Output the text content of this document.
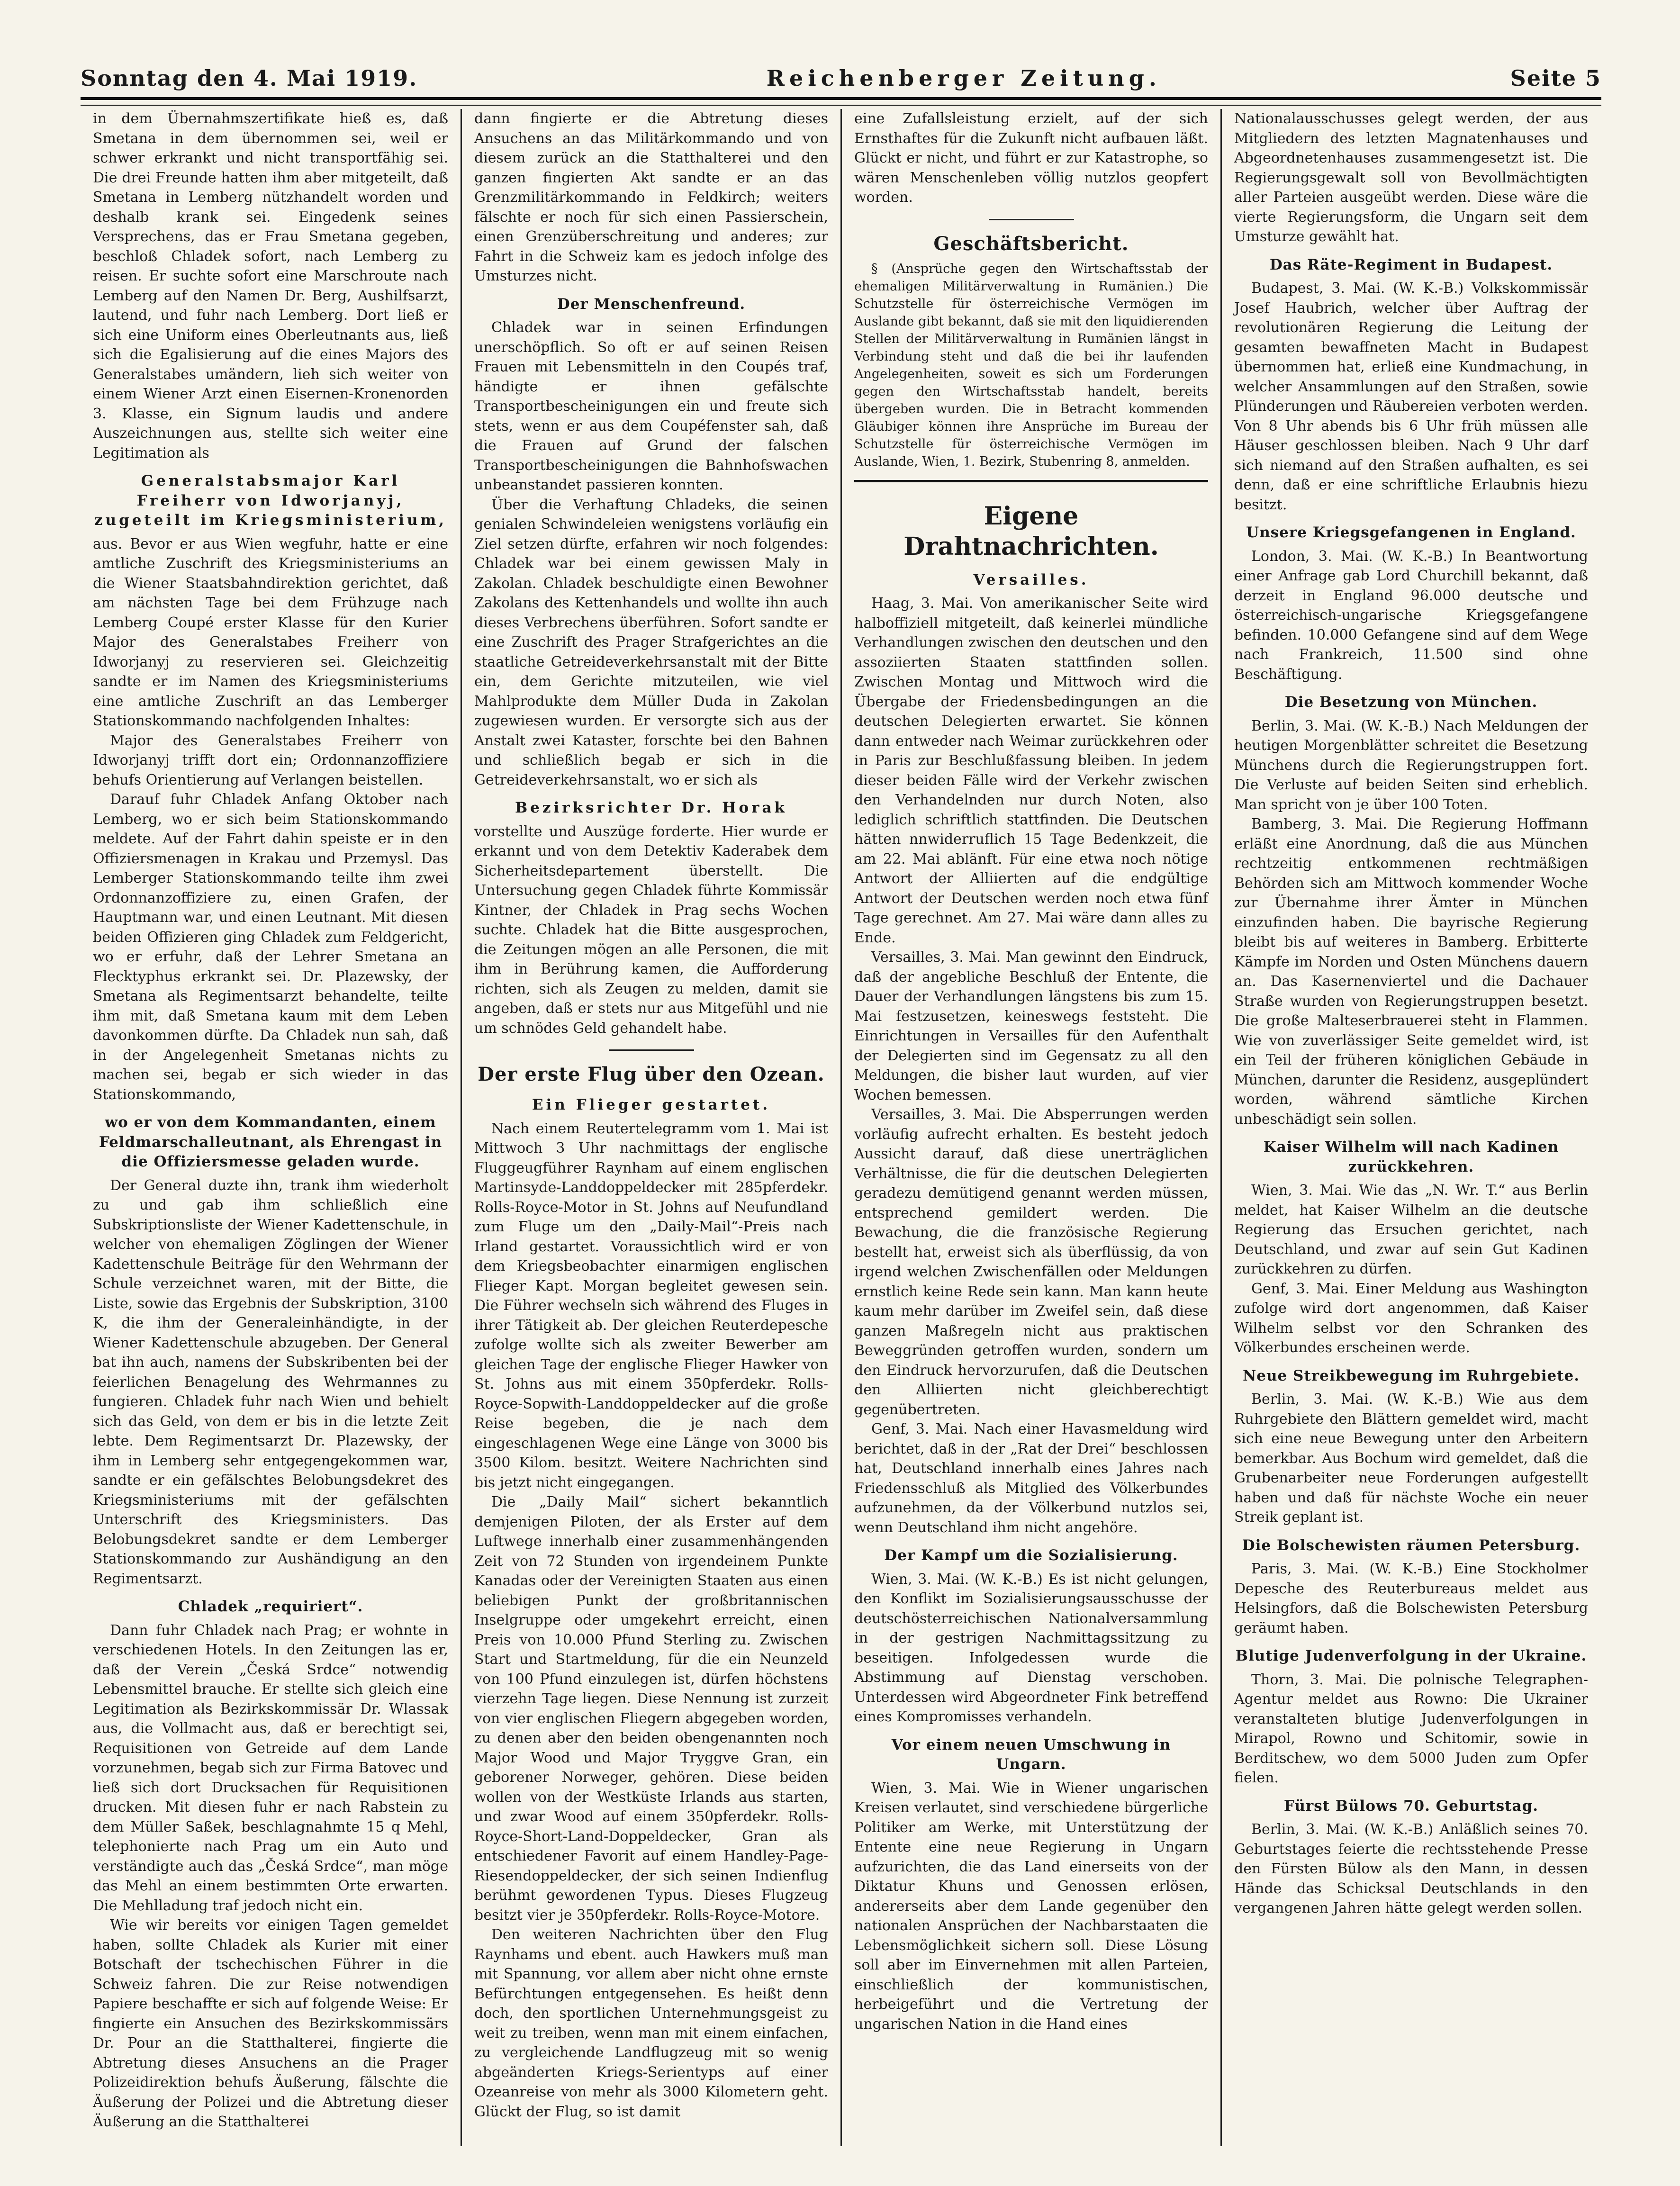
Sonntag den 4. Mai 1919.	Reichenberger Zeitung.	Seite 5

in dem Übernahmszertifikate hieß es, daß Smetana in dem übernommen sei, weil er schwer erkrankt und nicht transportfähig sei. Die drei Freunde hatten ihm aber mitgeteilt, daß Smetana in Lemberg nützhandelt worden und deshalb krank sei. Eingedenk seines Versprechens, das er Frau Smetana gegeben, beschloß Chladek sofort, nach Lemberg zu reisen. Er suchte sofort eine Marschroute nach Lemberg auf den Namen Dr. Berg, Aushilfsarzt, lautend, und fuhr nach Lemberg. Dort ließ er sich eine Uniform eines Oberleutnants aus, ließ sich die Egalisierung auf die eines Majors des Generalstabes umändern, lieh sich weiter von einem Wiener Arzt einen Eisernen-Kronenorden 3. Klasse, ein Signum laudis und andere Auszeichnungen aus, stellte sich weiter eine Legitimation als

Generalstabsmajor Karl Freiherr von Idworjanyj, zugeteilt im Kriegsministerium,

aus. Bevor er aus Wien wegfuhr, hatte er eine amtliche Zuschrift des Kriegsministeriums an die Wiener Staatsbahndirektion gerichtet, daß am nächsten Tage bei dem Frühzuge nach Lemberg Coupé erster Klasse für den Kurier Major des Generalstabes Freiherr von Idworjanyj zu reservieren sei. Gleichzeitig sandte er im Namen des Kriegsministeriums eine amtliche Zuschrift an das Lemberger Stationskommando nachfolgenden Inhaltes:

Major des Generalstabes Freiherr von Idworjanyj trifft dort ein; Ordonnanzoffiziere behufs Orientierung auf Verlangen beistellen.

Darauf fuhr Chladek Anfang Oktober nach Lemberg, wo er sich beim Stationskommando meldete. Auf der Fahrt dahin speiste er in den Offiziersmenagen in Krakau und Przemysl. Das Lemberger Stationskommando teilte ihm zwei Ordonnanzoffiziere zu, einen Grafen, der Hauptmann war, und einen Leutnant. Mit diesen beiden Offizieren ging Chladek zum Feldgericht, wo er erfuhr, daß der Lehrer Smetana an Flecktyphus erkrankt sei. Dr. Plazewsky, der Smetana als Regimentsarzt behandelte, teilte ihm mit, daß Smetana kaum mit dem Leben davonkommen dürfte. Da Chladek nun sah, daß in der Angelegenheit Smetanas nichts zu machen sei, begab er sich wieder in das Stationskommando,

wo er von dem Kommandanten, einem Feldmarschalleutnant, als Ehrengast in die Offiziersmesse geladen wurde.

Der General duzte ihn, trank ihm wiederholt zu und gab ihm schließlich eine Subskriptionsliste der Wiener Kadettenschule, in welcher von ehemaligen Zöglingen der Wiener Kadettenschule Beiträge für den Wehrmann der Schule verzeichnet waren, mit der Bitte, die Liste, sowie das Ergebnis der Subskription, 3100 K, die ihm der Generaleinhändigte, in der Wiener Kadettenschule abzugeben. Der General bat ihn auch, namens der Subskribenten bei der feierlichen Benagelung des Wehrmannes zu fungieren. Chladek fuhr nach Wien und behielt sich das Geld, von dem er bis in die letzte Zeit lebte. Dem Regimentsarzt Dr. Plazewsky, der ihm in Lemberg sehr entgegengekommen war, sandte er ein gefälschtes Belobungsdekret des Kriegsministeriums mit der gefälschten Unterschrift des Kriegsministers. Das Belobungsdekret sandte er dem Lemberger Stationskommando zur Aushändigung an den Regimentsarzt.

Chladek „requiriert“.

Dann fuhr Chladek nach Prag; er wohnte in verschiedenen Hotels. In den Zeitungen las er, daß der Verein „Česká Srdce“ notwendig Lebensmittel brauche. Er stellte sich gleich eine Legitimation als Bezirkskommissär Dr. Wlassak aus, die Vollmacht aus, daß er berechtigt sei, Requisitionen von Getreide auf dem Lande vorzunehmen, begab sich zur Firma Batovec und ließ sich dort Drucksachen für Requisitionen drucken. Mit diesen fuhr er nach Rabstein zu dem Müller Saßek, beschlagnahmte 15 q Mehl, telephonierte nach Prag um ein Auto und verständigte auch das „Česká Srdce“, man möge das Mehl an einem bestimmten Orte erwarten. Die Mehlladung traf jedoch nicht ein.

Wie wir bereits vor einigen Tagen gemeldet haben, sollte Chladek als Kurier mit einer Botschaft der tschechischen Führer in die Schweiz fahren. Die zur Reise notwendigen Papiere beschaffte er sich auf folgende Weise: Er fingierte ein Ansuchen des Bezirkskommissärs Dr. Pour an die Statthalterei, fingierte die Abtretung dieses Ansuchens an die Prager Polizeidirektion behufs Äußerung, fälschte die Äußerung der Polizei und die Abtretung dieser Äußerung an die Statthalterei

dann fingierte er die Abtretung dieses Ansuchens an das Militärkommando und von diesem zurück an die Statthalterei und den ganzen fingierten Akt sandte er an das Grenzmilitärkommando in Feldkirch; weiters fälschte er noch für sich einen Passierschein, einen Grenzüberschreitung und anderes; zur Fahrt in die Schweiz kam es jedoch infolge des Umsturzes nicht.

Der Menschenfreund.

Chladek war in seinen Erfindungen unerschöpflich. So oft er auf seinen Reisen Frauen mit Lebensmitteln in den Coupés traf, händigte er ihnen gefälschte Transportbescheinigungen ein und freute sich stets, wenn er aus dem Coupéfenster sah, daß die Frauen auf Grund der falschen Transportbescheinigungen die Bahnhofswachen unbeanstandet passieren konnten.

Über die Verhaftung Chladeks, die seinen genialen Schwindeleien wenigstens vorläufig ein Ziel setzen dürfte, erfahren wir noch folgendes: Chladek war bei einem gewissen Maly in Zakolan. Chladek beschuldigte einen Bewohner Zakolans des Kettenhandels und wollte ihn auch dieses Verbrechens überführen. Sofort sandte er eine Zuschrift des Prager Strafgerichtes an die staatliche Getreideverkehrsanstalt mit der Bitte ein, dem Gerichte mitzuteilen, wie viel Mahlprodukte dem Müller Duda in Zakolan zugewiesen wurden. Er versorgte sich aus der Anstalt zwei Kataster, forschte bei den Bahnen und schließlich begab er sich in die Getreideverkehrsanstalt, wo er sich als

Bezirksrichter Dr. Horak

vorstellte und Auszüge forderte. Hier wurde er erkannt und von dem Detektiv Kaderabek dem Sicherheitsdepartement überstellt. Die Untersuchung gegen Chladek führte Kommissär Kintner, der Chladek in Prag sechs Wochen suchte. Chladek hat die Bitte ausgesprochen, die Zeitungen mögen an alle Personen, die mit ihm in Berührung kamen, die Aufforderung richten, sich als Zeugen zu melden, damit sie angeben, daß er stets nur aus Mitgefühl und nie um schnödes Geld gehandelt habe.

Der erste Flug über den Ozean.
Ein Flieger gestartet.

Nach einem Reutertelegramm vom 1. Mai ist Mittwoch 3 Uhr nachmittags der englische Fluggeugführer Raynham auf einem englischen Martinsyde-Landdoppeldecker mit 285pferdekr. Rolls-Royce-Motor in St. Johns auf Neufundland zum Fluge um den „Daily-Mail“-Preis nach Irland gestartet. Voraussichtlich wird er von dem Kriegsbeobachter einarmigen englischen Flieger Kapt. Morgan begleitet gewesen sein. Die Führer wechseln sich während des Fluges in ihrer Tätigkeit ab. Der gleichen Reuterdepesche zufolge wollte sich als zweiter Bewerber am gleichen Tage der englische Flieger Hawker von St. Johns aus mit einem 350pferdekr. Rolls-Royce-Sopwith-Landdoppeldecker auf die große Reise begeben, die je nach dem eingeschlagenen Wege eine Länge von 3000 bis 3500 Kilom. besitzt. Weitere Nachrichten sind bis jetzt nicht eingegangen.

Die „Daily Mail“ sichert bekanntlich demjenigen Piloten, der als Erster auf dem Luftwege innerhalb einer zusammenhängenden Zeit von 72 Stunden von irgendeinem Punkte Kanadas oder der Vereinigten Staaten aus einen beliebigen Punkt der großbritannischen Inselgruppe oder umgekehrt erreicht, einen Preis von 10.000 Pfund Sterling zu. Zwischen Start und Startmeldung, für die ein Neunzeld von 100 Pfund einzulegen ist, dürfen höchstens vierzehn Tage liegen. Diese Nennung ist zurzeit von vier englischen Fliegern abgegeben worden, zu denen aber den beiden obengenannten noch Major Wood und Major Tryggve Gran, ein geborener Norweger, gehören. Diese beiden wollen von der Westküste Irlands aus starten, und zwar Wood auf einem 350pferdekr. Rolls-Royce-Short-Land-Doppeldecker, Gran als entschiedener Favorit auf einem Handley-Page-Riesendoppeldecker, der sich seinen Indienflug berühmt gewordenen Typus. Dieses Flugzeug besitzt vier je 350pferdekr. Rolls-Royce-Motore.

Den weiteren Nachrichten über den Flug Raynhams und ebent. auch Hawkers muß man mit Spannung, vor allem aber nicht ohne ernste Befürchtungen entgegensehen. Es heißt denn doch, den sportlichen Unternehmungsgeist zu weit zu treiben, wenn man mit einem einfachen, zu vergleichende Landflugzeug mit so wenig abgeänderten Kriegs-Serientyps auf einer Ozeanreise von mehr als 3000 Kilometern geht. Glückt der Flug, so ist damit

eine Zufallsleistung erzielt, auf der sich Ernsthaftes für die Zukunft nicht aufbauen läßt. Glückt er nicht, und führt er zur Katastrophe, so wären Menschenleben völlig nutzlos geopfert worden.

Geschäftsbericht.

§ (Ansprüche gegen den Wirtschaftsstab der ehemaligen Militärverwaltung in Rumänien.) Die Schutzstelle für österreichische Vermögen im Auslande gibt bekannt, daß sie mit den liquidierenden Stellen der Militärverwaltung in Rumänien längst in Verbindung steht und daß die bei ihr laufenden Angelegenheiten, soweit es sich um Forderungen gegen den Wirtschaftsstab handelt, bereits übergeben wurden. Die in Betracht kommenden Gläubiger können ihre Ansprüche im Bureau der Schutzstelle für österreichische Vermögen im Auslande, Wien, 1. Bezirk, Stubenring 8, anmelden.

Eigene Drahtnachrichten.
Versailles.

Haag, 3. Mai. Von amerikanischer Seite wird halboffiziell mitgeteilt, daß keinerlei mündliche Verhandlungen zwischen den deutschen und den assoziierten Staaten stattfinden sollen. Zwischen Montag und Mittwoch wird die Übergabe der Friedensbedingungen an die deutschen Delegierten erwartet. Sie können dann entweder nach Weimar zurückkehren oder in Paris zur Beschlußfassung bleiben. In jedem dieser beiden Fälle wird der Verkehr zwischen den Verhandelnden nur durch Noten, also lediglich schriftlich stattfinden. Die Deutschen hätten nnwiderruflich 15 Tage Bedenkzeit, die am 22. Mai ablänft. Für eine etwa noch nötige Antwort der Alliierten auf die endgültige Antwort der Deutschen werden noch etwa fünf Tage gerechnet. Am 27. Mai wäre dann alles zu Ende.

Versailles, 3. Mai. Man gewinnt den Eindruck, daß der angebliche Beschluß der Entente, die Dauer der Verhandlungen längstens bis zum 15. Mai festzusetzen, keineswegs feststeht. Die Einrichtungen in Versailles für den Aufenthalt der Delegierten sind im Gegensatz zu all den Meldungen, die bisher laut wurden, auf vier Wochen bemessen.

Versailles, 3. Mai. Die Absperrungen werden vorläufig aufrecht erhalten. Es besteht jedoch Aussicht darauf, daß diese unerträglichen Verhältnisse, die für die deutschen Delegierten geradezu demütigend genannt werden müssen, entsprechend gemildert werden. Die Bewachung, die die französische Regierung bestellt hat, erweist sich als überflüssig, da von irgend welchen Zwischenfällen oder Meldungen ernstlich keine Rede sein kann. Man kann heute kaum mehr darüber im Zweifel sein, daß diese ganzen Maßregeln nicht aus praktischen Beweggründen getroffen wurden, sondern um den Eindruck hervorzurufen, daß die Deutschen den Alliierten nicht gleichberechtigt gegenübertreten.

Genf, 3. Mai. Nach einer Havasmeldung wird berichtet, daß in der „Rat der Drei“ beschlossen hat, Deutschland innerhalb eines Jahres nach Friedensschluß als Mitglied des Völkerbundes aufzunehmen, da der Völkerbund nutzlos sei, wenn Deutschland ihm nicht angehöre.

Der Kampf um die Sozialisierung.

Wien, 3. Mai. (W. K.-B.) Es ist nicht gelungen, den Konflikt im Sozialisierungsausschusse der deutschösterreichischen Nationalversammlung in der gestrigen Nachmittagssitzung zu beseitigen. Infolgedessen wurde die Abstimmung auf Dienstag verschoben. Unterdessen wird Abgeordneter Fink betreffend eines Kompromisses verhandeln.

Vor einem neuen Umschwung in Ungarn.

Wien, 3. Mai. Wie in Wiener ungarischen Kreisen verlautet, sind verschiedene bürgerliche Politiker am Werke, mit Unterstützung der Entente eine neue Regierung in Ungarn aufzurichten, die das Land einerseits von der Diktatur Khuns und Genossen erlösen, andererseits aber dem Lande gegenüber den nationalen Ansprüchen der Nachbarstaaten die Lebensmöglichkeit sichern soll. Diese Lösung soll aber im Einvernehmen mit allen Parteien, einschließlich der kommunistischen, herbeigeführt und die Vertretung der ungarischen Nation in die Hand eines

Nationalausschusses gelegt werden, der aus Mitgliedern des letzten Magnatenhauses und Abgeordnetenhauses zusammengesetzt ist. Die Regierungsgewalt soll von Bevollmächtigten aller Parteien ausgeübt werden. Diese wäre die vierte Regierungsform, die Ungarn seit dem Umsturze gewählt hat.

Das Räte-Regiment in Budapest.

Budapest, 3. Mai. (W. K.-B.) Volkskommissär Josef Haubrich, welcher über Auftrag der revolutionären Regierung die Leitung der gesamten bewaffneten Macht in Budapest übernommen hat, erließ eine Kundmachung, in welcher Ansammlungen auf den Straßen, sowie Plünderungen und Räubereien verboten werden. Von 8 Uhr abends bis 6 Uhr früh müssen alle Häuser geschlossen bleiben. Nach 9 Uhr darf sich niemand auf den Straßen aufhalten, es sei denn, daß er eine schriftliche Erlaubnis hiezu besitzt.

Unsere Kriegsgefangenen in England.

London, 3. Mai. (W. K.-B.) In Beantwortung einer Anfrage gab Lord Churchill bekannt, daß derzeit in England 96.000 deutsche und österreichisch-ungarische Kriegsgefangene befinden. 10.000 Gefangene sind auf dem Wege nach Frankreich, 11.500 sind ohne Beschäftigung.

Die Besetzung von München.

Berlin, 3. Mai. (W. K.-B.) Nach Meldungen der heutigen Morgenblätter schreitet die Besetzung Münchens durch die Regierungstruppen fort. Die Verluste auf beiden Seiten sind erheblich. Man spricht von je über 100 Toten.

Bamberg, 3. Mai. Die Regierung Hoffmann erläßt eine Anordnung, daß die aus München rechtzeitig entkommenen rechtmäßigen Behörden sich am Mittwoch kommender Woche zur Übernahme ihrer Ämter in München einzufinden haben. Die bayrische Regierung bleibt bis auf weiteres in Bamberg. Erbitterte Kämpfe im Norden und Osten Münchens dauern an. Das Kasernenviertel und die Dachauer Straße wurden von Regierungstruppen besetzt. Die große Malteserbrauerei steht in Flammen. Wie von zuverlässiger Seite gemeldet wird, ist ein Teil der früheren königlichen Gebäude in München, darunter die Residenz, ausgeplündert worden, während sämtliche Kirchen unbeschädigt sein sollen.

Kaiser Wilhelm will nach Kadinen zurückkehren.

Wien, 3. Mai. Wie das „N. Wr. T.“ aus Berlin meldet, hat Kaiser Wilhelm an die deutsche Regierung das Ersuchen gerichtet, nach Deutschland, und zwar auf sein Gut Kadinen zurückkehren zu dürfen.

Genf, 3. Mai. Einer Meldung aus Washington zufolge wird dort angenommen, daß Kaiser Wilhelm selbst vor den Schranken des Völkerbundes erscheinen werde.

Neue Streikbewegung im Ruhrgebiete.

Berlin, 3. Mai. (W. K.-B.) Wie aus dem Ruhrgebiete den Blättern gemeldet wird, macht sich eine neue Bewegung unter den Arbeitern bemerkbar. Aus Bochum wird gemeldet, daß die Grubenarbeiter neue Forderungen aufgestellt haben und daß für nächste Woche ein neuer Streik geplant ist.

Die Bolschewisten räumen Petersburg.

Paris, 3. Mai. (W. K.-B.) Eine Stockholmer Depesche des Reuterbureaus meldet aus Helsingfors, daß die Bolschewisten Petersburg geräumt haben.

Blutige Judenverfolgung in der Ukraine.

Thorn, 3. Mai. Die polnische Telegraphen-Agentur meldet aus Rowno: Die Ukrainer veranstalteten blutige Judenverfolgungen in Mirapol, Rowno und Schitomir, sowie in Berditschew, wo dem 5000 Juden zum Opfer fielen.

Fürst Bülows 70. Geburtstag.

Berlin, 3. Mai. (W. K.-B.) Anläßlich seines 70. Geburtstages feierte die rechtsstehende Presse den Fürsten Bülow als den Mann, in dessen Hände das Schicksal Deutschlands in den vergangenen Jahren hätte gelegt werden sollen.
